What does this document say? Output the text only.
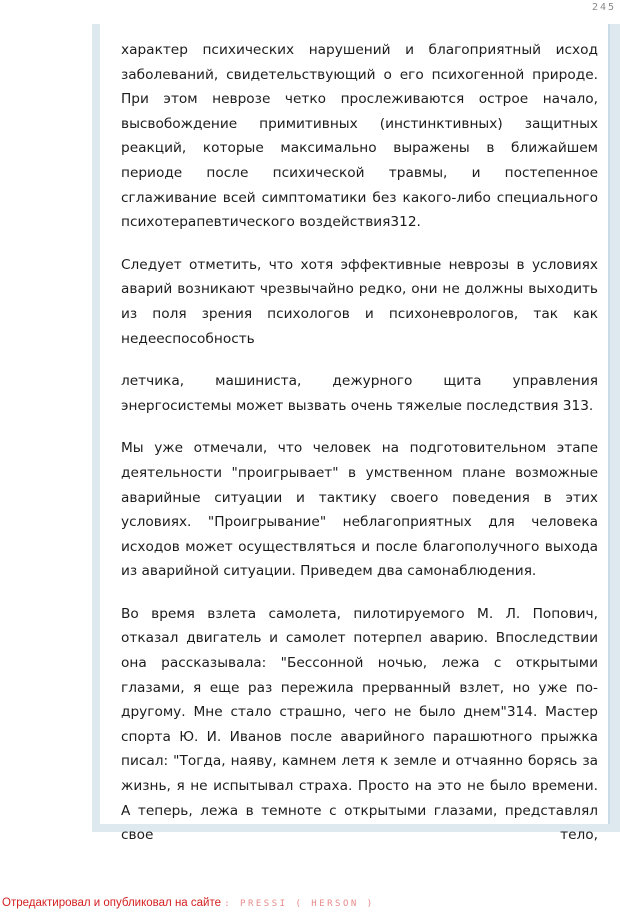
245

характер психических нарушений и благоприятный исход заболеваний, свидетельствующий о его психогенной природе. При этом неврозе четко прослеживаются острое начало, высвобождение примитивных (инстинктивных) защитных реакций, которые максимально выражены в ближайшем периоде после психической травмы, и постепенное сглаживание всей симптоматики без какого-либо специального психотерапевтического воздействия312.

Следует отметить, что хотя эффективные неврозы в условиях аварий возникают чрезвычайно редко, они не должны выходить из поля зрения психологов и психоневрологов, так как недееспособность

летчика, машиниста, дежурного щита управления энергосистемы может вызвать очень тяжелые последствия 313.

Мы уже отмечали, что человек на подготовительном этапе деятельности "проигрывает" в умственном плане возможные аварийные ситуации и тактику своего поведения в этих условиях. "Проигрывание" неблагоприятных для человека исходов может осуществляться и после благополучного выхода из аварийной ситуации. Приведем два самонаблюдения.

Во время взлета самолета, пилотируемого М. Л. Попович, отказал двигатель и самолет потерпел аварию. Впоследствии она рассказывала: "Бессонной ночью, лежа с открытыми глазами, я еще раз пережила прерванный взлет, но уже по-другому. Мне стало страшно, чего не было днем"314. Мастер спорта Ю. И. Иванов после аварийного парашютного прыжка писал: "Тогда, наяву, камнем летя к земле и отчаянно борясь за жизнь, я не испытывал страха. Просто на это не было времени. А теперь, лежа в темноте с открытыми глазами, представлял свое тело,

Отредактировал и опубликовал на сайте : PRESSI ( HERSON )
